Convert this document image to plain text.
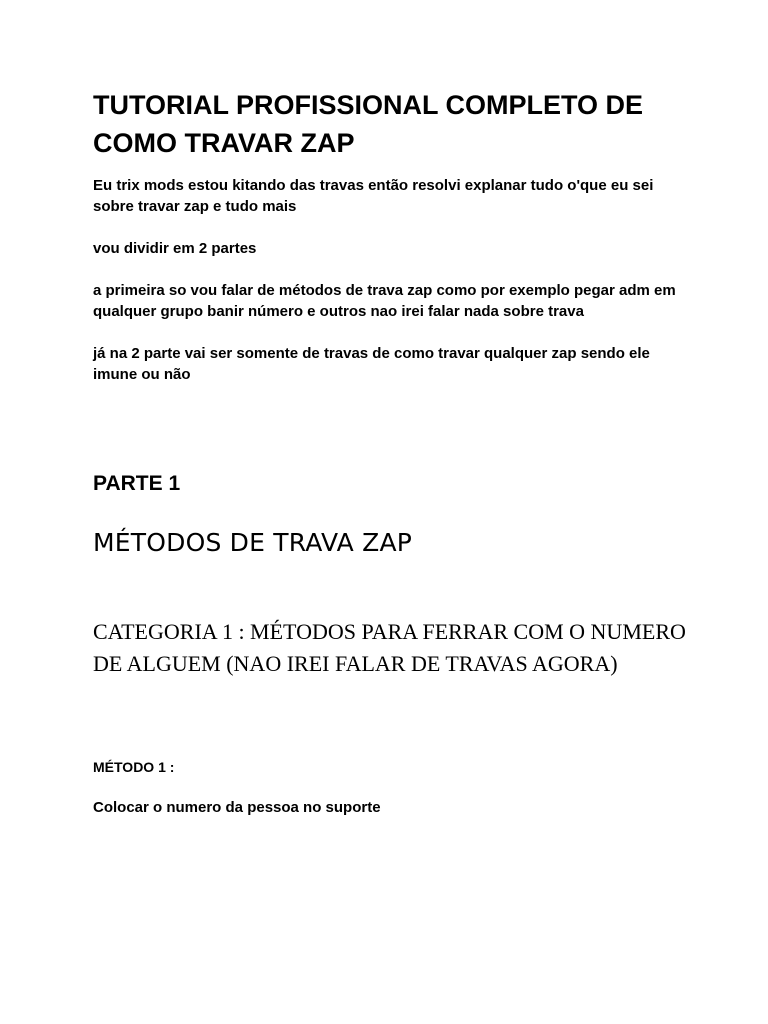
TUTORIAL PROFISSIONAL COMPLETO DE COMO TRAVAR ZAP

Eu trix mods estou kitando das travas então resolvi explanar tudo o'que eu sei sobre travar zap e tudo mais

vou dividir em 2 partes

a primeira so vou falar de métodos de trava zap como por exemplo pegar adm em qualquer grupo banir número e outros nao irei falar nada sobre trava

já na 2 parte vai ser somente de travas de como travar qualquer zap sendo ele imune ou não

PARTE 1
MÉTODOS DE TRAVA ZAP
CATEGORIA 1 : MÉTODOS PARA FERRAR COM O NUMERO DE ALGUEM (NAO IREI FALAR DE TRAVAS AGORA)

MÉTODO 1 :

Colocar o numero da pessoa no suporte
